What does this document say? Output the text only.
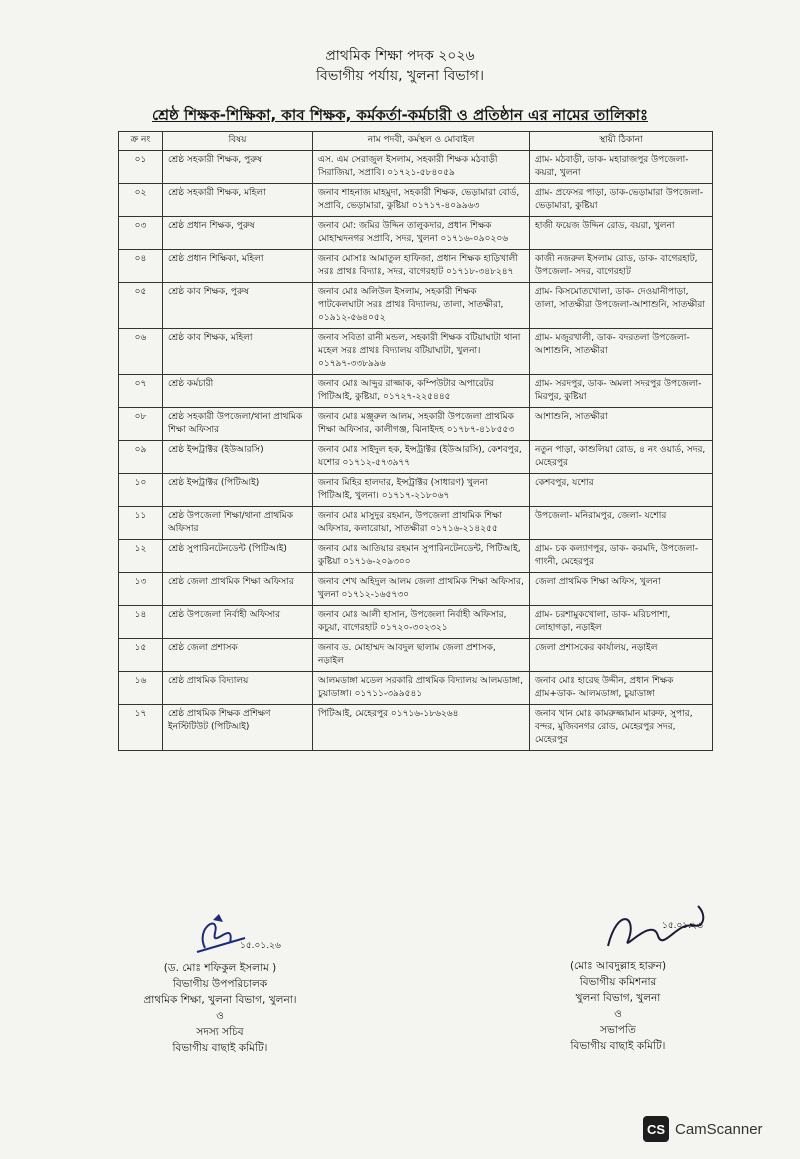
প্রাথমিক শিক্ষা পদক ২০২৬
বিভাগীয় পর্যায়, খুলনা বিভাগ।
শ্রেষ্ঠ শিক্ষক-শিক্ষিকা, কাব শিক্ষক, কর্মকর্তা-কর্মচারী ও প্রতিষ্ঠান এর নামের তালিকাঃ
ক্র নং	বিষয়	নাম পদবী, কর্মস্থল ও মোবাইল	স্থায়ী ঠিকানা
০১	শ্রেষ্ঠ সহকারী শিক্ষক, পুরুষ	এস. এম সেরাজুল ইসলাম, সহকারী শিক্ষক মঠবাড়ী সিরাজিয়া, সপ্রাবি। ০১৭২১-৫৮৪০৫৯	গ্রাম- মঠবাড়ী, ডাক- মহারাজপুর উপজেলা- কয়রা, খুলনা
০২	শ্রেষ্ঠ সহকারী শিক্ষক, মহিলা	জনাব শাহনাজ মাহমুদা, সহকারী শিক্ষক, ভেড়ামারা বোর্ড, সপ্রাবি, ভেড়ামারা, কুষ্টিয়া ০১৭১৭-৪০৯৯৬৩	গ্রাম- প্রফেসর পাড়া, ডাক-ভেড়ামারা উপজেলা- ভেড়ামারা, কুষ্টিয়া
০৩	শ্রেষ্ঠ প্রধান শিক্ষক, পুরুষ	জনাব মো: জমির উদ্দিন তালুকদার, প্রধান শিক্ষক মোহাম্মদনগর সপ্রাবি, সদর, খুলনা ০১৭১৬-০৯০২০৬	হাজী ফয়েজ উদ্দিন রোড, বয়রা, খুলনা
০৪	শ্রেষ্ঠ প্রধান শিক্ষিকা, মহিলা	জনাব মোসাঃ আমাতুল হাফিজা, প্রধান শিক্ষক হাড়িখালী সরঃ প্রাথঃ বিদ্যাঃ, সদর, বাগেরহাট ০১৭১৮-৩৪৮২৪৭	কাজী নজরুল ইসলাম রোড, ডাক- বাগেরহাট, উপজেলা- সদর, বাগেরহাট
০৫	শ্রেষ্ঠ কাব শিক্ষক, পুরুষ	জনাব মোঃ অলিউল ইসলাম, সহকারী শিক্ষক পাটকেলঘাটা সরঃ প্রাথঃ বিদ্যালয়, তালা, সাতক্ষীরা, ০১৯১২-৫৬৪০৫২	গ্রাম- কিসমোতখোলা, ডাক- দেওয়ানীপাড়া, তালা, সাতক্ষীরা উপজেলা-আশাশুনি, সাতক্ষীরা
০৬	শ্রেষ্ঠ কাব শিক্ষক, মহিলা	জনাব সবিতা রানী মন্ডল, সহকারী শিক্ষক বটিয়াঘাটা থানা মহেল সরঃ প্রাথঃ বিদ্যালয় বটিয়াঘাটা, খুলনা। ০১৭৯৭-৩৩৮৯৯৬	গ্রাম- মজুরখালী, ডাক- বদরতলা উপজেলা-আশাশুনি, সাতক্ষীরা
০৭	শ্রেষ্ঠ কর্মচারী	জনাব মোঃ আব্দুর রাজ্জাক, কম্পিউটার অপারেটর পিটিআই, কুষ্টিয়া, ০১৭২৭-২২৫৪৪৫	গ্রাম- সরদপুর, ডাক- অমলা সদরপুর উপজেলা- মিরপুর, কুষ্টিয়া
০৮	শ্রেষ্ঠ সহকারী উপজেলা/থানা প্রাথমিক শিক্ষা অফিসার	জনাব মোঃ মঞ্জুরুল আলম, সহকারী উপজেলা প্রাথমিক শিক্ষা অফিসার, কালীগঞ্জ, ঝিনাইদহ ০১৭৮৭-৪১৮৫৫৩	আশাশুনি, সাতক্ষীরা
০৯	শ্রেষ্ঠ ইন্সট্রাক্টর (ইউআরসি)	জনাব মোঃ সাইদুল হক, ইন্সট্রাক্টর (ইউআরসি), কেশবপুর, যশোর ০১৭১২-৫৭৩৯৭৭	নতুন পাড়া, কাশুলিয়া রোড, ৪ নং ওয়ার্ড, সদর, মেহেরপুর
১০	শ্রেষ্ঠ ইন্সট্রাক্টর (পিটিআই)	জনাব মিহির হালদার, ইন্সট্রাক্টর (সাধারণ) খুলনা পিটিআই, খুলনা। ০১৭১৭-২১৮০৬৭	কেশবপুর, যশোর
১১	শ্রেষ্ঠ উপজেলা শিক্ষা/থানা প্রাথমিক অফিসার	জনাব মোঃ মাসুদুর রহমান, উপজেলা প্রাথমিক শিক্ষা অফিসার, কলারোয়া, সাতক্ষীরা ০১৭১৬-২১৪২৫৫	উপজেলা- মনিরামপুর, জেলা- যশোর
১২	শ্রেষ্ঠ সুপারিনটেনডেন্ট (পিটিআই)	জনাব মোঃ আতিয়ার রহমান সুপারিনটেনডেন্ট, পিটিআই, কুষ্টিয়া ০১৭১৬-২০৯৩০০	গ্রাম- চক কল্যাণপুর, ডাক- করমদি, উপজেলা- গাংনী, মেহেরপুর
১৩	শ্রেষ্ঠ জেলা প্রাথমিক শিক্ষা অফিসার	জনাব শেখ অহিদুল আলম জেলা প্রাথমিক শিক্ষা অফিসার, খুলনা ০১৭১২-১৬৫৭৩০	জেলা প্রাথমিক শিক্ষা অফিস, খুলনা
১৪	শ্রেষ্ঠ উপজেলা নির্বাহী অফিসার	জনাব মোঃ আলী হাসান, উপজেলা নির্বাহী অফিসার, কচুয়া, বাগেরহাট ০১৭২০-৩০২৩২১	গ্রাম- চরশামুকখোলা, ডাক- মরিচপাশা, লোহাগড়া, নড়াইল
১৫	শ্রেষ্ঠ জেলা প্রশাসক	জনাব ড. মোহাম্মদ আবদুল ছালাম জেলা প্রশাসক, নড়াইল	জেলা প্রশাসকের কার্যালয়, নড়াইল
১৬	শ্রেষ্ঠ প্রাথমিক বিদ্যালয়	আলমডাঙ্গা মডেল সরকারি প্রাথমিক বিদ্যালয় আলমডাঙ্গা, চুয়াডাঙ্গা। ০১৭১১-৩৯৯৫৪১	জনাব মোঃ হারেছ উদ্দীন, প্রধান শিক্ষক গ্রাম+ডাক- আলমডাঙ্গা, চুয়াডাঙ্গা
১৭	শ্রেষ্ঠ প্রাথমিক শিক্ষক প্রশিক্ষণ ইনস্টিটিউট (পিটিআই)	পিটিআই, মেহেরপুর ০১৭১৬-১৮৬২৬৪	জনাব খান মোঃ কামরুজ্জামান মারুফ, সুপার, বন্দর, মুজিবনগর রোড, মেহেরপুর সদর, মেহেরপুর
১৫.০১.২৬
(ড. মোঃ শফিকুল ইসলাম )
বিভাগীয় উপপরিচালক
প্রাথমিক শিক্ষা, খুলনা বিভাগ, খুলনা।
ও
সদস্য সচিব
বিভাগীয় বাছাই কমিটি।
১৫.০১.২৬
(মোঃ আবদুল্লাহ হারুন)
বিভাগীয় কমিশনার
খুলনা বিভাগ, খুলনা
ও
সভাপতি
বিভাগীয় বাছাই কমিটি।
CS CamScanner
